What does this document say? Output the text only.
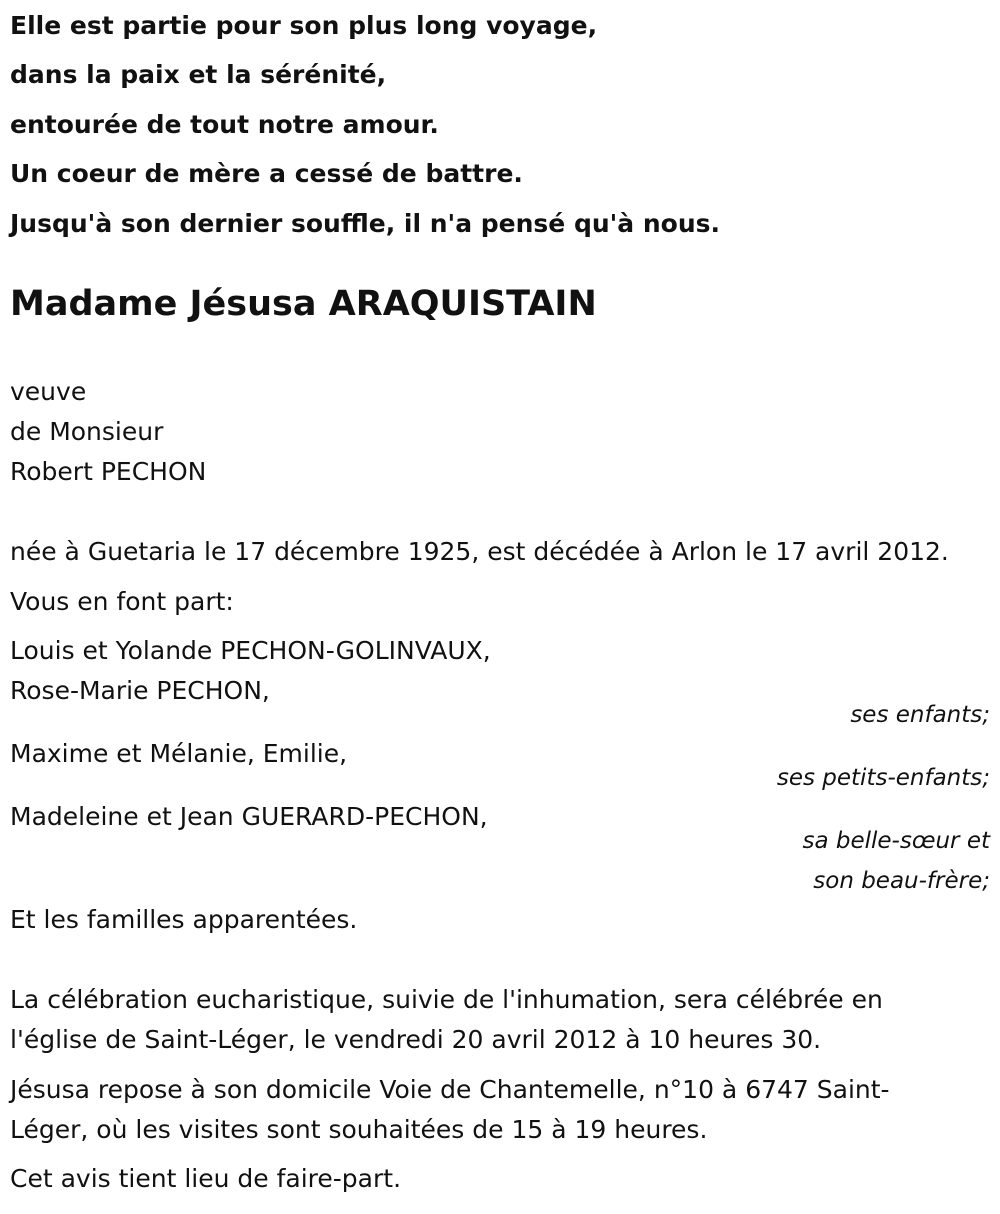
Elle est partie pour son plus long voyage,
dans la paix et la sérénité,
entourée de tout notre amour.
Un coeur de mère a cessé de battre.
Jusqu'à son dernier souffle, il n'a pensé qu'à nous.
Madame Jésusa ARAQUISTAIN
veuve
de Monsieur
Robert PECHON
née à Guetaria le 17 décembre 1925, est décédée à Arlon le 17 avril 2012.
Vous en font part:
Louis et Yolande PECHON-GOLINVAUX,
Rose-Marie PECHON,
ses enfants;
Maxime et Mélanie, Emilie,
ses petits-enfants;
Madeleine et Jean GUERARD-PECHON,
sa belle-sœur et
son beau-frère;
Et les familles apparentées.
La célébration eucharistique, suivie de l'inhumation, sera célébrée en
l'église de Saint-Léger, le vendredi 20 avril 2012 à 10 heures 30.
Jésusa repose à son domicile Voie de Chantemelle, n°10 à 6747 Saint-
Léger, où les visites sont souhaitées de 15 à 19 heures.
Cet avis tient lieu de faire-part.
